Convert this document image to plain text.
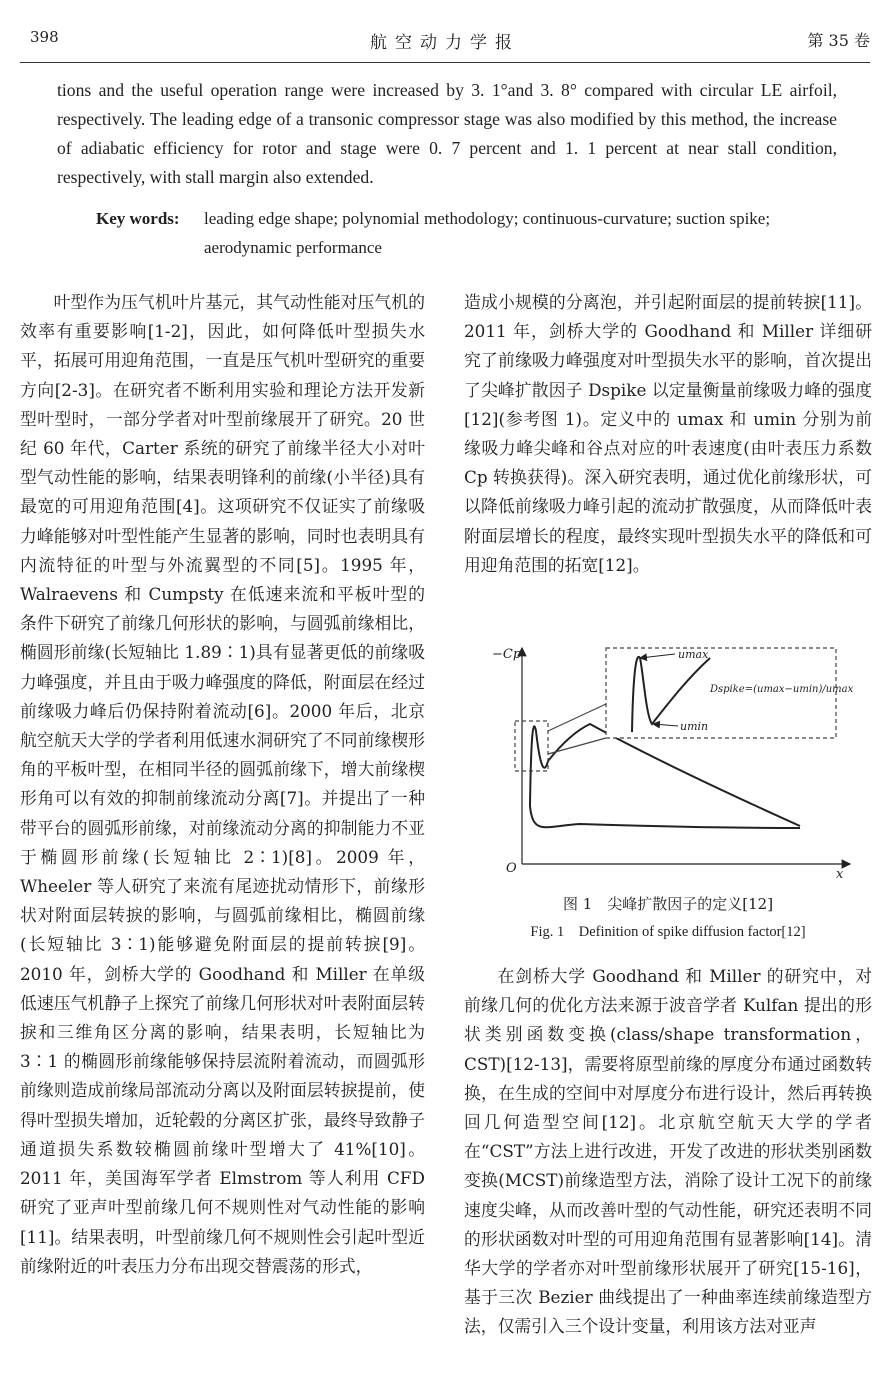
398	航空动力学报	第 35 卷

tions and the useful operation range were increased by 3. 1°and 3. 8° compared with circular LE airfoil, respectively. The leading edge of a transonic compressor stage was also modified by this method, the increase of adiabatic efficiency for rotor and stage were 0. 7 percent and 1. 1 percent at near stall condition, respectively, with stall margin also extended.

Key words: leading edge shape; polynomial methodology; continuous-curvature; suction spike; aerodynamic performance

叶型作为压气机叶片基元，其气动性能对压气机的效率有重要影响[1-2]，因此，如何降低叶型损失水平，拓展可用迎角范围，一直是压气机叶型研究的重要方向[2-3]。在研究者不断利用实验和理论方法开发新型叶型时，一部分学者对叶型前缘展开了研究。20 世纪 60 年代，Carter 系统的研究了前缘半径大小对叶型气动性能的影响，结果表明锋利的前缘(小半径)具有最宽的可用迎角范围[4]。这项研究不仅证实了前缘吸力峰能够对叶型性能产生显著的影响，同时也表明具有内流特征的叶型与外流翼型的不同[5]。1995 年，Walraevens 和 Cumpsty 在低速来流和平板叶型的条件下研究了前缘几何形状的影响，与圆弧前缘相比，椭圆形前缘(长短轴比 1.89∶1)具有显著更低的前缘吸力峰强度，并且由于吸力峰强度的降低，附面层在经过前缘吸力峰后仍保持附着流动[6]。2000 年后，北京航空航天大学的学者利用低速水洞研究了不同前缘楔形角的平板叶型，在相同半径的圆弧前缘下，增大前缘楔形角可以有效的抑制前缘流动分离[7]。并提出了一种带平台的圆弧形前缘，对前缘流动分离的抑制能力不亚于椭圆形前缘(长短轴比 2∶1)[8]。2009 年，Wheeler 等人研究了来流有尾迹扰动情形下，前缘形状对附面层转捩的影响，与圆弧前缘相比，椭圆前缘(长短轴比 3∶1)能够避免附面层的提前转捩[9]。2010 年，剑桥大学的 Goodhand 和 Miller 在单级低速压气机静子上探究了前缘几何形状对叶表附面层转捩和三维角区分离的影响，结果表明，长短轴比为 3∶1 的椭圆形前缘能够保持层流附着流动，而圆弧形前缘则造成前缘局部流动分离以及附面层转捩提前，使得叶型损失增加，近轮毂的分离区扩张，最终导致静子通道损失系数较椭圆前缘叶型增大了 41%[10]。2011 年，美国海军学者 Elmstrom 等人利用 CFD 研究了亚声叶型前缘几何不规则性对气动性能的影响[11]。结果表明，叶型前缘几何不规则性会引起叶型近前缘附近的叶表压力分布出现交替震荡的形式，

造成小规模的分离泡，并引起附面层的提前转捩[11]。2011 年，剑桥大学的 Goodhand 和 Miller 详细研究了前缘吸力峰强度对叶型损失水平的影响，首次提出了尖峰扩散因子 Dspike 以定量衡量前缘吸力峰的强度[12](参考图 1)。定义中的 umax 和 umin 分别为前缘吸力峰尖峰和谷点对应的叶表速度(由叶表压力系数 Cp 转换获得)。深入研究表明，通过优化前缘形状，可以降低前缘吸力峰引起的流动扩散强度，从而降低叶表附面层增长的程度，最终实现叶型损失水平的降低和可用迎角范围的拓宽[12]。

−Cp
x
O
umax
umin
Dspike=(umax−umin)/umax
图 1　尖峰扩散因子的定义[12]
Fig. 1　Definition of spike diffusion factor[12]

在剑桥大学 Goodhand 和 Miller 的研究中，对前缘几何的优化方法来源于波音学者 Kulfan 提出的形状类别函数变换(class/shape transformation，CST)[12-13]，需要将原型前缘的厚度分布通过函数转换，在生成的空间中对厚度分布进行设计，然后再转换回几何造型空间[12]。北京航空航天大学的学者在“CST”方法上进行改进，开发了改进的形状类别函数变换(MCST)前缘造型方法，消除了设计工况下的前缘速度尖峰，从而改善叶型的气动性能，研究还表明不同的形状函数对叶型的可用迎角范围有显著影响[14]。清华大学的学者亦对叶型前缘形状展开了研究[15-16]，基于三次 Bezier 曲线提出了一种曲率连续前缘造型方法，仅需引入三个设计变量，利用该方法对亚声
